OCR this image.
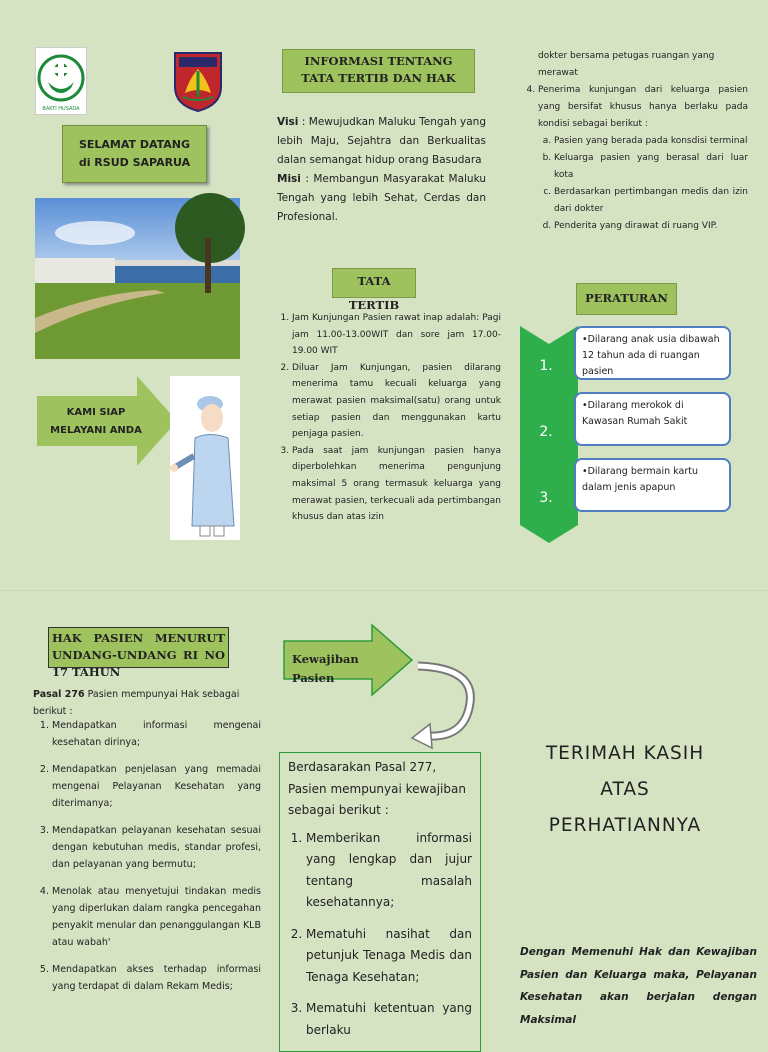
BAKTI HUSADA
SELAMAT DATANG
di RSUD SAPARUA
KAMI SIAP
MELAYANI ANDA
INFORMASI TENTANG
TATA TERTIB DAN HAK
Visi : Mewujudkan Maluku Tengah yang lebih Maju, Sejahtra dan Berkualitas dalan semangat hidup orang Basudara
Misi : Membangun Masyarakat Maluku Tengah yang lebih Sehat, Cerdas dan Profesional.
TATA
TERTIB
1. Jam Kunjungan Pasien rawat inap adalah: Pagi jam 11.00-13.00WIT dan sore jam 17.00-19.00 WIT
2. Diluar Jam Kunjungan, pasien dilarang menerima tamu kecuali keluarga yang merawat pasien maksimal(satu) orang untuk setiap pasien dan menggunakan kartu penjaga pasien.
3. Pada saat jam kunjungan pasien hanya diperbolehkan menerima pengunjung maksimal 5 orang termasuk keluarga yang merawat pasien, terkecuali ada pertimbangan khusus dan atas izin
dokter bersama petugas ruangan yang merawat
4. Penerima kunjungan dari keluarga pasien yang bersifat khusus hanya berlaku pada kondisi sebagai berikut :
a. Pasien yang berada pada konsdisi terminal
b. Keluarga pasien yang berasal dari luar kota
c. Berdasarkan pertimbangan medis dan izin dari dokter
d. Penderita yang dirawat di ruang VIP.
PERATURAN
1.
•Dilarang anak usia dibawah 12 tahun ada di ruangan pasien
2.
•Dilarang merokok di Kawasan Rumah Sakit
3.
•Dilarang bermain kartu dalam jenis apapun
HAK PASIEN MENURUT UNDANG-UNDANG RI NO 17 TAHUN
Pasal 276 Pasien mempunyai Hak sebagai berikut :
1. Mendapatkan informasi mengenai kesehatan dirinya;
2. Mendapatkan penjelasan yang memadai mengenai Pelayanan Kesehatan yang diterimanya;
3. Mendapatkan pelayanan kesehatan sesuai dengan kebutuhan medis, standar profesi, dan pelayanan yang bermutu;
4. Menolak atau menyetujui tindakan medis yang diperlukan dalam rangka pencegahan penyakit menular dan penanggulangan KLB atau wabah'
5. Mendapatkan akses terhadap informasi yang terdapat di dalam Rekam Medis;
Kewajiban
Pasien
Berdasarakan Pasal 277, Pasien mempunyai kewajiban sebagai berikut :
1. Memberikan informasi yang lengkap dan jujur tentang masalah kesehatannya;
2. Mematuhi nasihat dan petunjuk Tenaga Medis dan Tenaga Kesehatan;
3. Mematuhi ketentuan yang berlaku
TERIMAH KASIH
ATAS
PERHATIANNYA
Dengan Memenuhi Hak dan Kewajiban Pasien dan Keluarga maka, Pelayanan Kesehatan akan berjalan dengan Maksimal
